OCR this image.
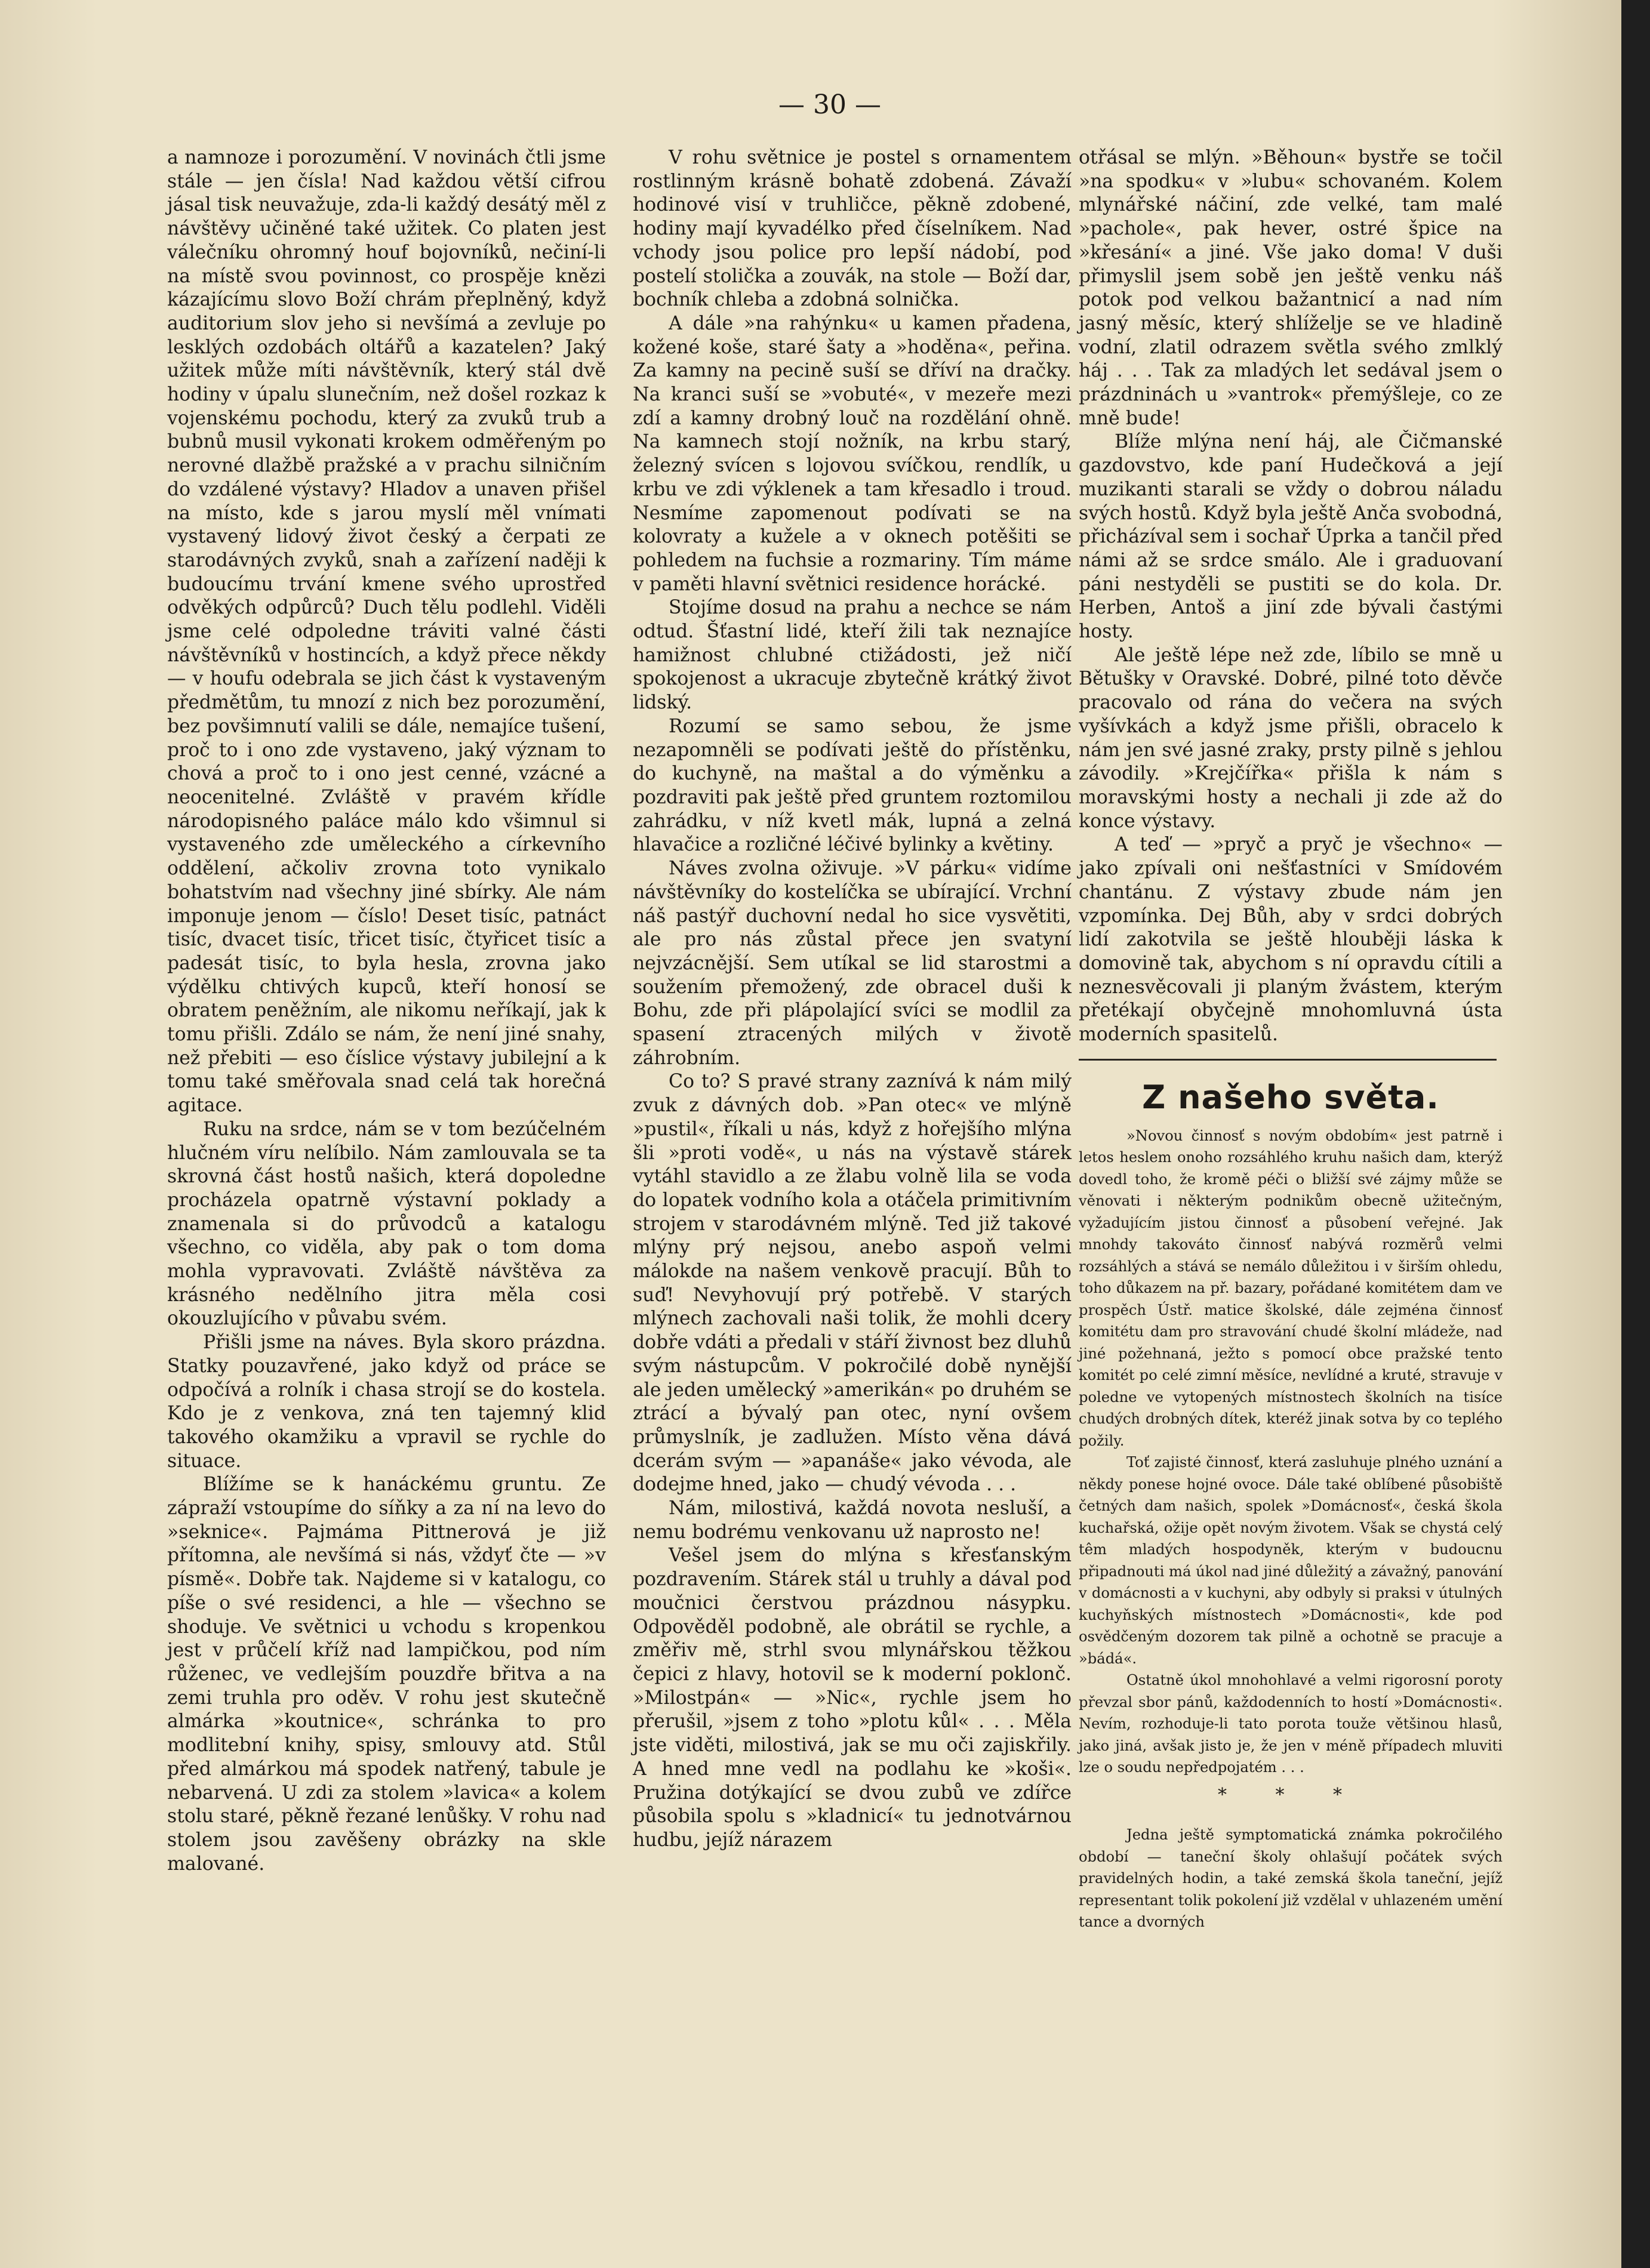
— 30 —

a namnoze i porozumění. V novinách čtli jsme stále — jen čísla! Nad každou větší cifrou jásal tisk neuvažuje, zda-li každý desátý měl z návštěvy učiněné také užitek. Co platen jest válečníku ohromný houf bojovníků, nečiní-li na místě svou povinnost, co prospěje knězi kázajícímu slovo Boží chrám přeplněný, když auditorium slov jeho si nevšímá a zevluje po lesklých ozdobách oltářů a kazatelen? Jaký užitek může míti návštěvník, který stál dvě hodiny v úpalu slunečním, než došel rozkaz k vojenskému pochodu, který za zvuků trub a bubnů musil vykonati krokem odměřeným po nerovné dlažbě pražské a v prachu silničním do vzdálené výstavy? Hladov a unaven přišel na místo, kde s jarou myslí měl vnímati vystavený lidový život český a čerpati ze starodávných zvyků, snah a zařízení naději k budoucímu trvání kmene svého uprostřed odvěkých odpůrců? Duch tělu podlehl. Viděli jsme celé odpoledne tráviti valné části návštěvníků v hostincích, a když přece někdy — v houfu odebrala se jich část k vystaveným předmětům, tu mnozí z nich bez porozumění, bez povšimnutí valili se dále, nemajíce tušení, proč to i ono zde vystaveno, jaký význam to chová a proč to i ono jest cenné, vzácné a neocenitelné. Zvláště v pravém křídle národopisného paláce málo kdo všimnul si vystaveného zde uměleckého a církevního oddělení, ačkoliv zrovna toto vynikalo bohatstvím nad všechny jiné sbírky. Ale nám imponuje jenom — číslo! Deset tisíc, patnáct tisíc, dvacet tisíc, třicet tisíc, čtyřicet tisíc a padesát tisíc, to byla hesla, zrovna jako výdělku chtivých kupců, kteří honosí se obratem peněžním, ale nikomu neříkají, jak k tomu přišli. Zdálo se nám, že není jiné snahy, než přebiti — eso číslice výstavy jubilejní a k tomu také směřovala snad celá tak horečná agitace.

Ruku na srdce, nám se v tom bezúčelném hlučném víru nelíbilo. Nám zamlouvala se ta skrovná část hostů našich, která dopoledne procházela opatrně výstavní poklady a znamenala si do průvodců a katalogu všechno, co viděla, aby pak o tom doma mohla vypravovati. Zvláště návštěva za krásného nedělního jitra měla cosi okouzlujícího v půvabu svém.

Přišli jsme na náves. Byla skoro prázdna. Statky pouzavřené, jako když od práce se odpočívá a rolník i chasa strojí se do kostela. Kdo je z venkova, zná ten tajemný klid takového okamžiku a vpravil se rychle do situace.

Blížíme se k hanáckému gruntu. Ze zápraží vstoupíme do síňky a za ní na levo do »seknice«. Pajmáma Pittnerová je již přítomna, ale nevšímá si nás, vždyť čte — »v písmě«. Dobře tak. Najdeme si v katalogu, co píše o své residenci, a hle — všechno se shoduje. Ve světnici u vchodu s kropenkou jest v průčelí kříž nad lampičkou, pod ním růženec, ve vedlejším pouzdře břitva a na zemi truhla pro oděv. V rohu jest skutečně almárka »koutnice«, schránka to pro modlitební knihy, spisy, smlouvy atd. Stůl před almárkou má spodek natřený, tabule je nebarvená. U zdi za stolem »lavica« a kolem stolu staré, pěkně řezané lenůšky. V rohu nad stolem jsou zavěšeny obrázky na skle malované.

V rohu světnice je postel s ornamentem rostlinným krásně bohatě zdobená. Závaží hodinové visí v truhličce, pěkně zdobené, hodiny mají kyvadélko před číselníkem. Nad vchody jsou police pro lepší nádobí, pod postelí stolička a zouvák, na stole — Boží dar, bochník chleba a zdobná solnička.

A dále »na rahýnku« u kamen přadena, kožené koše, staré šaty a »hoděna«, peřina. Za kamny na pecině suší se dříví na dračky. Na kranci suší se »vobuté«, v mezeře mezi zdí a kamny drobný louč na rozdělání ohně. Na kamnech stojí nožník, na krbu starý, železný svícen s lojovou svíčkou, rendlík, u krbu ve zdi výklenek a tam křesadlo i troud. Nesmíme zapomenout podívati se na kolovraty a kužele a v oknech potěšiti se pohledem na fuchsie a rozmariny. Tím máme v paměti hlavní světnici residence horácké.

Stojíme dosud na prahu a nechce se nám odtud. Šťastní lidé, kteří žili tak neznajíce hamižnost chlubné ctižádosti, jež ničí spokojenost a ukracuje zbytečně krátký život lidský.

Rozumí se samo sebou, že jsme nezapomněli se podívati ještě do přístěnku, do kuchyně, na maštal a do výměnku a pozdraviti pak ještě před gruntem roztomilou zahrádku, v níž kvetl mák, lupná a zelná hlavačice a rozličné léčivé bylinky a květiny.

Náves zvolna oživuje. »V párku« vidíme návštěvníky do kostelíčka se ubírající. Vrchní náš pastýř duchovní nedal ho sice vysvětiti, ale pro nás zůstal přece jen svatyní nejvzácnější. Sem utíkal se lid starostmi a soužením přemožený, zde obracel duši k Bohu, zde při plápolající svíci se modlil za spasení ztracených milých v životě záhrobním.

Co to? S pravé strany zaznívá k nám milý zvuk z dávných dob. »Pan otec« ve mlýně »pustil«, říkali u nás, když z hořejšího mlýna šli »proti vodě«, u nás na výstavě stárek vytáhl stavidlo a ze žlabu volně lila se voda do lopatek vodního kola a otáčela primitivním strojem v starodávném mlýně. Ted již takové mlýny prý nejsou, anebo aspoň velmi málokde na našem venkově pracují. Bůh to suď! Nevyhovují prý potřebě. V starých mlýnech zachovali naši tolik, že mohli dcery dobře vdáti a předali v stáří živnost bez dluhů svým nástupcům. V pokročilé době nynější ale jeden umělecký »amerikán« po druhém se ztrácí a bývalý pan otec, nyní ovšem průmyslník, je zadlužen. Místo věna dává dcerám svým — »apanáše« jako vévoda, ale dodejme hned, jako — chudý vévoda . . .

Nám, milostivá, každá novota nesluší, a nemu bodrému venkovanu už naprosto ne!

Vešel jsem do mlýna s křesťanským pozdravením. Stárek stál u truhly a dával pod moučnici čerstvou prázdnou násypku. Odpověděl podobně, ale obrátil se rychle, a změřiv mě, strhl svou mlynářskou těžkou čepici z hlavy, hotovil se k moderní poklonč. »Milostpán« — »Nic«, rychle jsem ho přerušil, »jsem z toho »plotu kůl« . . . Měla jste viděti, milostivá, jak se mu oči zajiskřily. A hned mne vedl na podlahu ke »koši«. Pružina dotýkající se dvou zubů ve zdířce působila spolu s »kladnicí« tu jednotvárnou hudbu, jejíž nárazem

otřásal se mlýn. »Běhoun« bystře se točil »na spodku« v »lubu« schovaném. Kolem mlynářské náčiní, zde velké, tam malé »pachole«, pak hever, ostré špice na »křesání« a jiné. Vše jako doma! V duši přimyslil jsem sobě jen ještě venku náš potok pod velkou bažantnicí a nad ním jasný měsíc, který shlíželje se ve hladině vodní, zlatil odrazem světla svého zmlklý háj . . . Tak za mladých let sedával jsem o prázdninách u »vantrok« přemýšleje, co ze mně bude!

Blíže mlýna není háj, ale Čičmanské gazdovstvo, kde paní Hudečková a její muzikanti starali se vždy o dobrou náladu svých hostů. Když byla ještě Anča svobodná, přicházíval sem i sochař Úprka a tančil před námi až se srdce smálo. Ale i graduovaní páni nestyděli se pustiti se do kola. Dr. Herben, Antoš a jiní zde bývali častými hosty.

Ale ještě lépe než zde, líbilo se mně u Bětušky v Oravské. Dobré, pilné toto děvče pracovalo od rána do večera na svých vyšívkách a když jsme přišli, obracelo k nám jen své jasné zraky, prsty pilně s jehlou závodily. »Krejčířka« přišla k nám s moravskými hosty a nechali ji zde až do konce výstavy.

A teď — »pryč a pryč je všechno« — jako zpívali oni nešťastníci v Smídovém chantánu. Z výstavy zbude nám jen vzpomínka. Dej Bůh, aby v srdci dobrých lidí zakotvila se ještě hlouběji láska k domovině tak, abychom s ní opravdu cítili a neznesvěcovali ji planým žvástem, kterým přetékají obyčejně mnohomluvná ústa moderních spasitelů.

Z našeho světa.

»Novou činnosť s novým obdobím« jest patrně i letos heslem onoho rozsáhlého kruhu našich dam, kterýž dovedl toho, že kromě péči o bližší své zájmy může se věnovati i některým podnikům obecně užitečným, vyžadujícím jistou činnosť a působení veřejné. Jak mnohdy takováto činnosť nabývá rozměrů velmi rozsáhlých a stává se nemálo důležitou i v širším ohledu, toho důkazem na př. bazary, pořádané komitétem dam ve prospěch Ústř. matice školské, dále zejména činnosť komitétu dam pro stravování chudé školní mládeže, nad jiné požehnaná, ježto s pomocí obce pražské tento komitét po celé zimní měsíce, nevlídné a kruté, stravuje v poledne ve vytopených místnostech školních na tisíce chudých drobných dítek, kteréž jinak sotva by co teplého požily.

Toť zajisté činnosť, která zasluhuje plného uznání a někdy ponese hojné ovoce. Dále také oblíbené působiště četných dam našich, spolek »Domácnosť«, česká škola kuchařská, ožije opět novým životem. Však se chystá celý têm mladých hospodyněk, kterým v budoucnu připadnouti má úkol nad jiné důležitý a závažný, panování v domácnosti a v kuchyni, aby odbyly si praksi v útulných kuchyňských místnostech »Domácnosti«, kde pod osvědčeným dozorem tak pilně a ochotně se pracuje a »bádá«.

Ostatně úkol mnohohlavé a velmi rigorosní poroty převzal sbor pánů, každodenních to hostí »Domácnosti«. Nevím, rozhoduje-li tato porota touže většinou hlasů, jako jiná, avšak jisto je, že jen v méně případech mluviti lze o soudu nepředpojatém . . .

* * *

Jedna ještě symptomatická známka pokročilého období — taneční školy ohlašují počátek svých pravidelných hodin, a také zemská škola taneční, jejíž representant tolik pokolení již vzdělal v uhlazeném umění tance a dvorných
